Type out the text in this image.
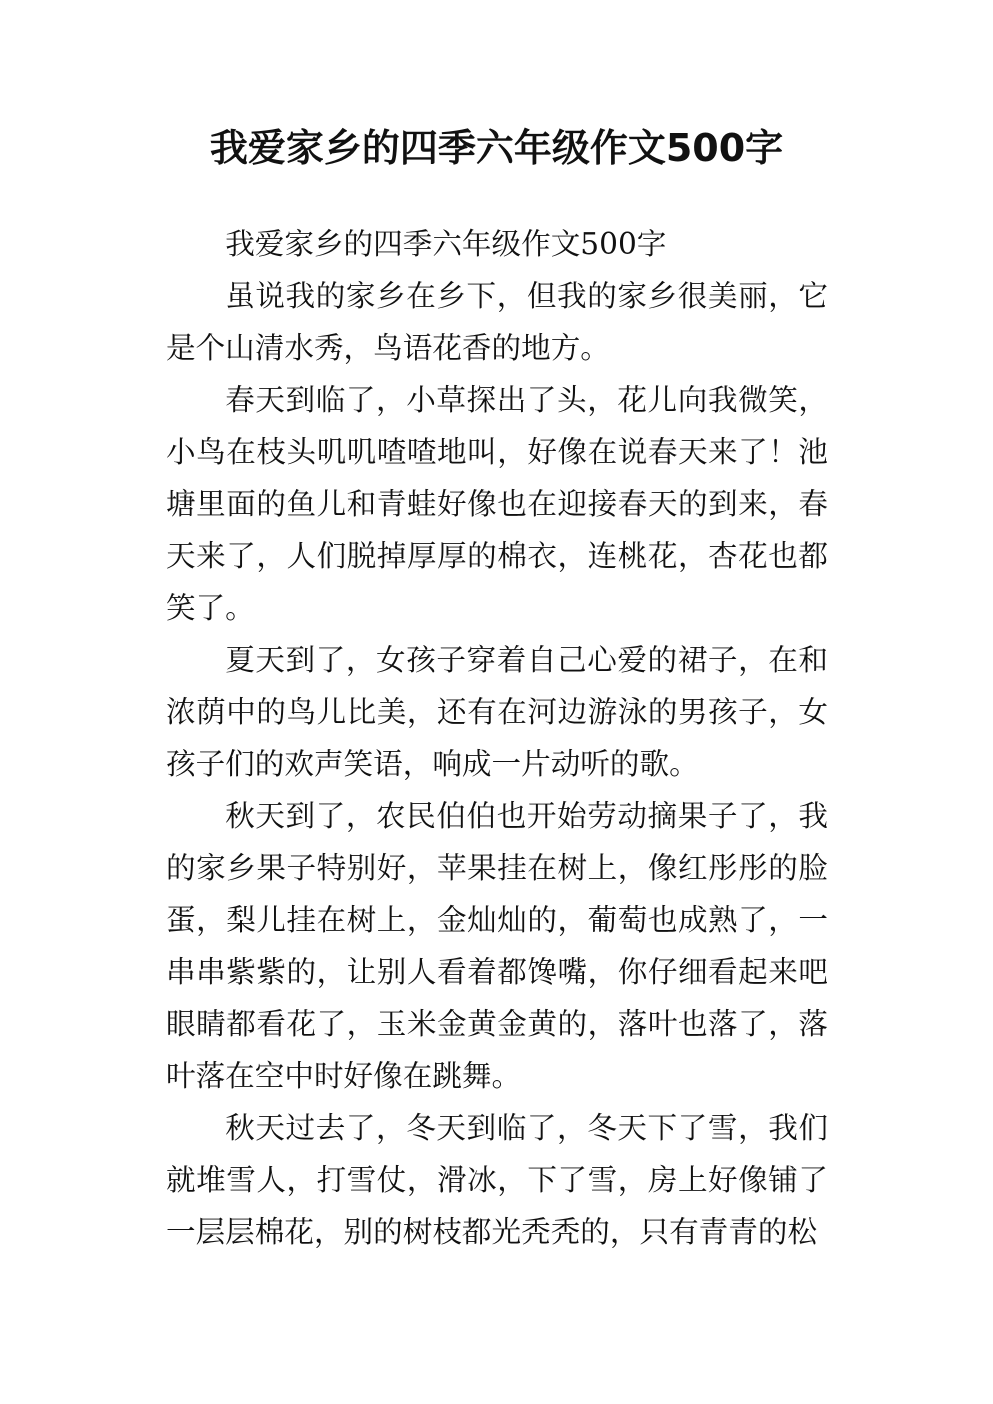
我爱家乡的四季六年级作文500字

我爱家乡的四季六年级作文500字

虽说我的家乡在乡下，但我的家乡很美丽，它是个山清水秀，鸟语花香的地方。

春天到临了，小草探出了头，花儿向我微笑，小鸟在枝头叽叽喳喳地叫，好像在说春天来了！池塘里面的鱼儿和青蛙好像也在迎接春天的到来，春天来了，人们脱掉厚厚的棉衣，连桃花，杏花也都笑了。

夏天到了，女孩子穿着自己心爱的裙子，在和浓荫中的鸟儿比美，还有在河边游泳的男孩子，女孩子们的欢声笑语，响成一片动听的歌。

秋天到了，农民伯伯也开始劳动摘果子了，我的家乡果子特别好，苹果挂在树上，像红彤彤的脸蛋，梨儿挂在树上，金灿灿的，葡萄也成熟了，一串串紫紫的，让别人看着都馋嘴，你仔细看起来吧眼睛都看花了，玉米金黄金黄的，落叶也落了，落叶落在空中时好像在跳舞。

秋天过去了，冬天到临了，冬天下了雪，我们就堆雪人，打雪仗，滑冰，下了雪，房上好像铺了一层层棉花，别的树枝都光秃秃的，只有青青的松
